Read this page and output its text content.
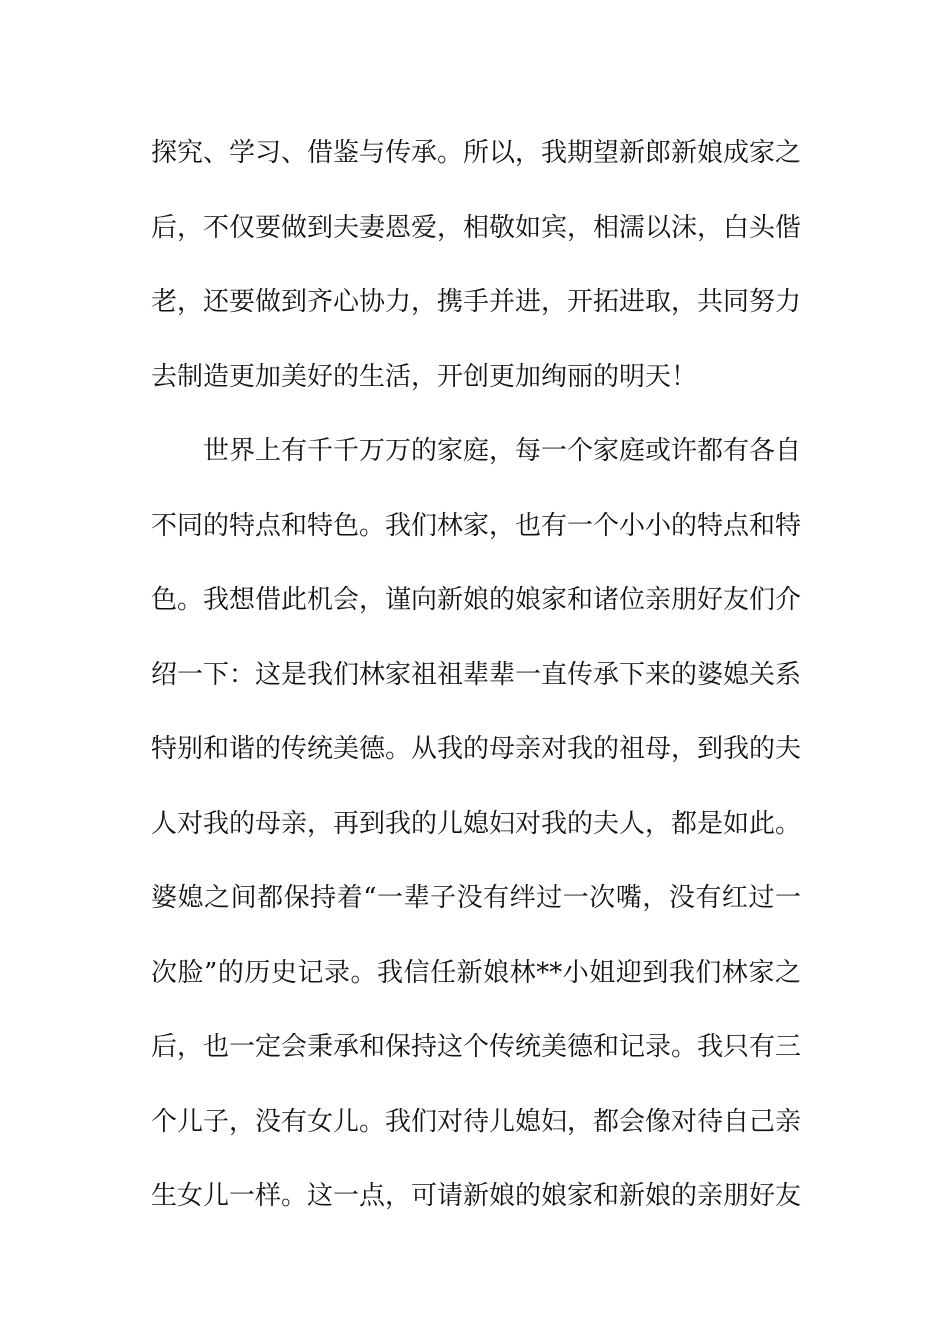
探究、学习、借鉴与传承。所以，我期望新郎新娘成家之
后，不仅要做到夫妻恩爱，相敬如宾，相濡以沫，白头偕
老，还要做到齐心协力，携手并进，开拓进取，共同努力
去制造更加美好的生活，开创更加绚丽的明天！
世界上有千千万万的家庭，每一个家庭或许都有各自
不同的特点和特色。我们林家，也有一个小小的特点和特
色。我想借此机会，谨向新娘的娘家和诸位亲朋好友们介
绍一下：这是我们林家祖祖辈辈一直传承下来的婆媳关系
特别和谐的传统美德。从我的母亲对我的祖母，到我的夫
人对我的母亲，再到我的儿媳妇对我的夫人，都是如此。
婆媳之间都保持着“一辈子没有绊过一次嘴，没有红过一
次脸”的历史记录。我信任新娘林**小姐迎到我们林家之
后，也一定会秉承和保持这个传统美德和记录。我只有三
个儿子，没有女儿。我们对待儿媳妇，都会像对待自己亲
生女儿一样。这一点，可请新娘的娘家和新娘的亲朋好友
